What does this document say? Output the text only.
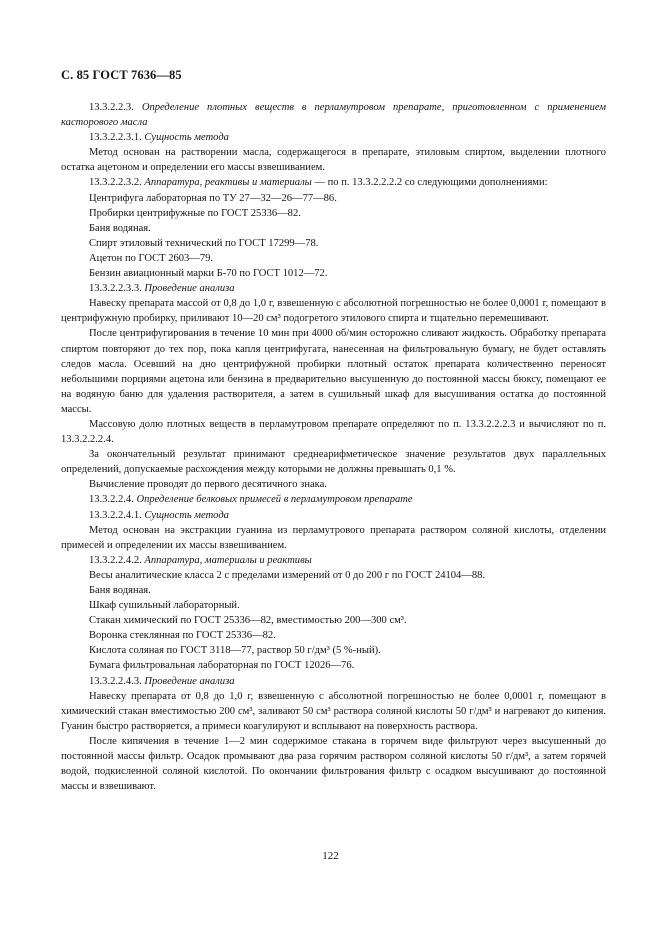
С. 85 ГОСТ 7636—85

13.3.2.2.3. Определение плотных веществ в перламутровом препарате, приготовленном с применением касторового масла

13.3.2.2.3.1. Сущность метода

Метод основан на растворении масла, содержащегося в препарате, этиловым спиртом, выделении плотного остатка ацетоном и определении его массы взвешиванием.

13.3.2.2.3.2. Аппаратура, реактивы и материалы — по п. 13.3.2.2.2.2 со следующими дополнениями:

Центрифуга лабораторная по ТУ 27—32—26—77—86.

Пробирки центрифужные по ГОСТ 25336—82.

Баня водяная.

Спирт этиловый технический по ГОСТ 17299—78.

Ацетон по ГОСТ 2603—79.

Бензин авиационный марки Б-70 по ГОСТ 1012—72.

13.3.2.2.3.3. Проведение анализа

Навеску препарата массой от 0,8 до 1,0 г, взвешенную с абсолютной погрешностью не более 0,0001 г, помещают в центрифужную пробирку, приливают 10—20 см³ подогретого этилового спирта и тщательно перемешивают.

После центрифугирования в течение 10 мин при 4000 об/мин осторожно сливают жидкость. Обработку препарата спиртом повторяют до тех пор, пока капля центрифугата, нанесенная на фильтровальную бумагу, не будет оставлять следов масла. Осевший на дно центрифужной пробирки плотный остаток препарата количественно переносят небольшими порциями ацетона или бензина в предварительно высушенную до постоянной массы бюксу, помещают ее на водяную баню для удаления растворителя, а затем в сушильный шкаф для высушивания остатка до постоянной массы.

Массовую долю плотных веществ в перламутровом препарате определяют по п. 13.3.2.2.2.3 и вычисляют по п. 13.3.2.2.2.4.

За окончательный результат принимают среднеарифметическое значение результатов двух параллельных определений, допускаемые расхождения между которыми не должны превышать 0,1 %.

Вычисление проводят до первого десятичного знака.

13.3.2.2.4. Определение белковых примесей в перламутровом препарате

13.3.2.2.4.1. Сущность метода

Метод основан на экстракции гуанина из перламутрового препарата раствором соляной кислоты, отделении примесей и определении их массы взвешиванием.

13.3.2.2.4.2. Аппаратура, материалы и реактивы

Весы аналитические класса 2 с пределами измерений от 0 до 200 г по ГОСТ 24104—88.

Баня водяная.

Шкаф сушильный лабораторный.

Стакан химический по ГОСТ 25336—82, вместимостью 200—300 см³.

Воронка стеклянная по ГОСТ 25336—82.

Кислота соляная по ГОСТ 3118—77, раствор 50 г/дм³ (5 %-ный).

Бумага фильтровальная лабораторная по ГОСТ 12026—76.

13.3.2.2.4.3. Проведение анализа

Навеску препарата от 0,8 до 1,0 г, взвешенную с абсолютной погрешностью не более 0,0001 г, помещают в химический стакан вместимостью 200 см³, заливают 50 см³ раствора соляной кислоты 50 г/дм³ и нагревают до кипения. Гуанин быстро растворяется, а примеси коагулируют и всплывают на поверхность раствора.

После кипячения в течение 1—2 мин содержимое стакана в горячем виде фильтруют через высушенный до постоянной массы фильтр. Осадок промывают два раза горячим раствором соляной кислоты 50 г/дм³, а затем горячей водой, подкисленной соляной кислотой. По окончании фильтрования фильтр с осадком высушивают до постоянной массы и взвешивают.

122
